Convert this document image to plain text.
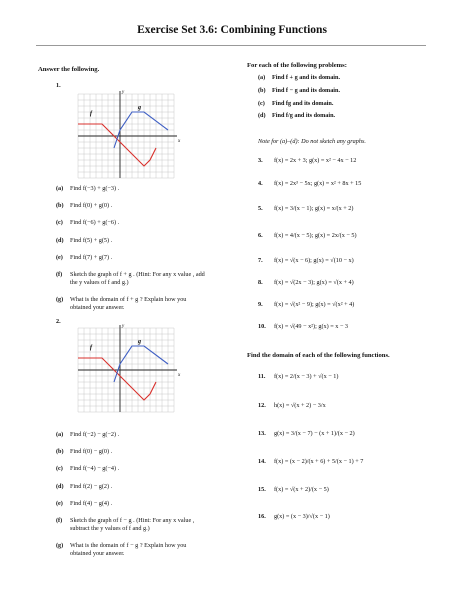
Exercise Set 3.6: Combining Functions
Answer the following.
1.
x
y
f
g
(a) Find f(−3) + g(−3) .
(b) Find f(0) + g(0) .
(c) Find f(−6) + g(−6) .
(d) Find f(5) + g(5) .
(e) Find f(7) + g(7) .
(f) Sketch the graph of f + g . (Hint: For any x value , add the y values of f and g.)
(g) What is the domain of f + g ? Explain how you obtained your answer.
2.
x
y
f
g
(a) Find f(−2) − g(−2) .
(b) Find f(0) − g(0) .
(c) Find f(−4) − g(−4) .
(d) Find f(2) − g(2) .
(e) Find f(4) − g(4) .
(f) Sketch the graph of f − g . (Hint: For any x value , subtract the y values of f and g.)
(g) What is the domain of f − g ? Explain how you obtained your answer.
For each of the following problems:
(a) Find f + g and its domain.
(b) Find f − g and its domain.
(c) Find fg and its domain.
(d) Find f/g and its domain.
Note for (a)–(d): Do not sketch any graphs.
3. f(x) = 2x + 3; g(x) = x² − 4x − 12
4. f(x) = 2x³ − 5x; g(x) = x² + 8x + 15
5. f(x) = 3/(x − 1); g(x) = x/(x + 2)
6. f(x) = 4/(x − 5); g(x) = 2x/(x − 5)
7. f(x) = √(x − 6); g(x) = √(10 − x)
8. f(x) = √(2x − 3); g(x) = √(x + 4)
9. f(x) = √(x² − 9); g(x) = √(x² + 4)
10. f(x) = √(49 − x²); g(x) = x − 3
Find the domain of each of the following functions.
11. f(x) = 2/(x − 3) + √(x − 1)
12. h(x) = √(x + 2) − 3/x
13. g(x) = 3/(x − 7) − (x + 1)/(x − 2)
14. f(x) = (x − 2)/(x + 6) + 5/(x − 1) + 7
15. f(x) = √(x + 2)/(x − 5)
16. g(x) = (x − 3)/√(x − 1)
